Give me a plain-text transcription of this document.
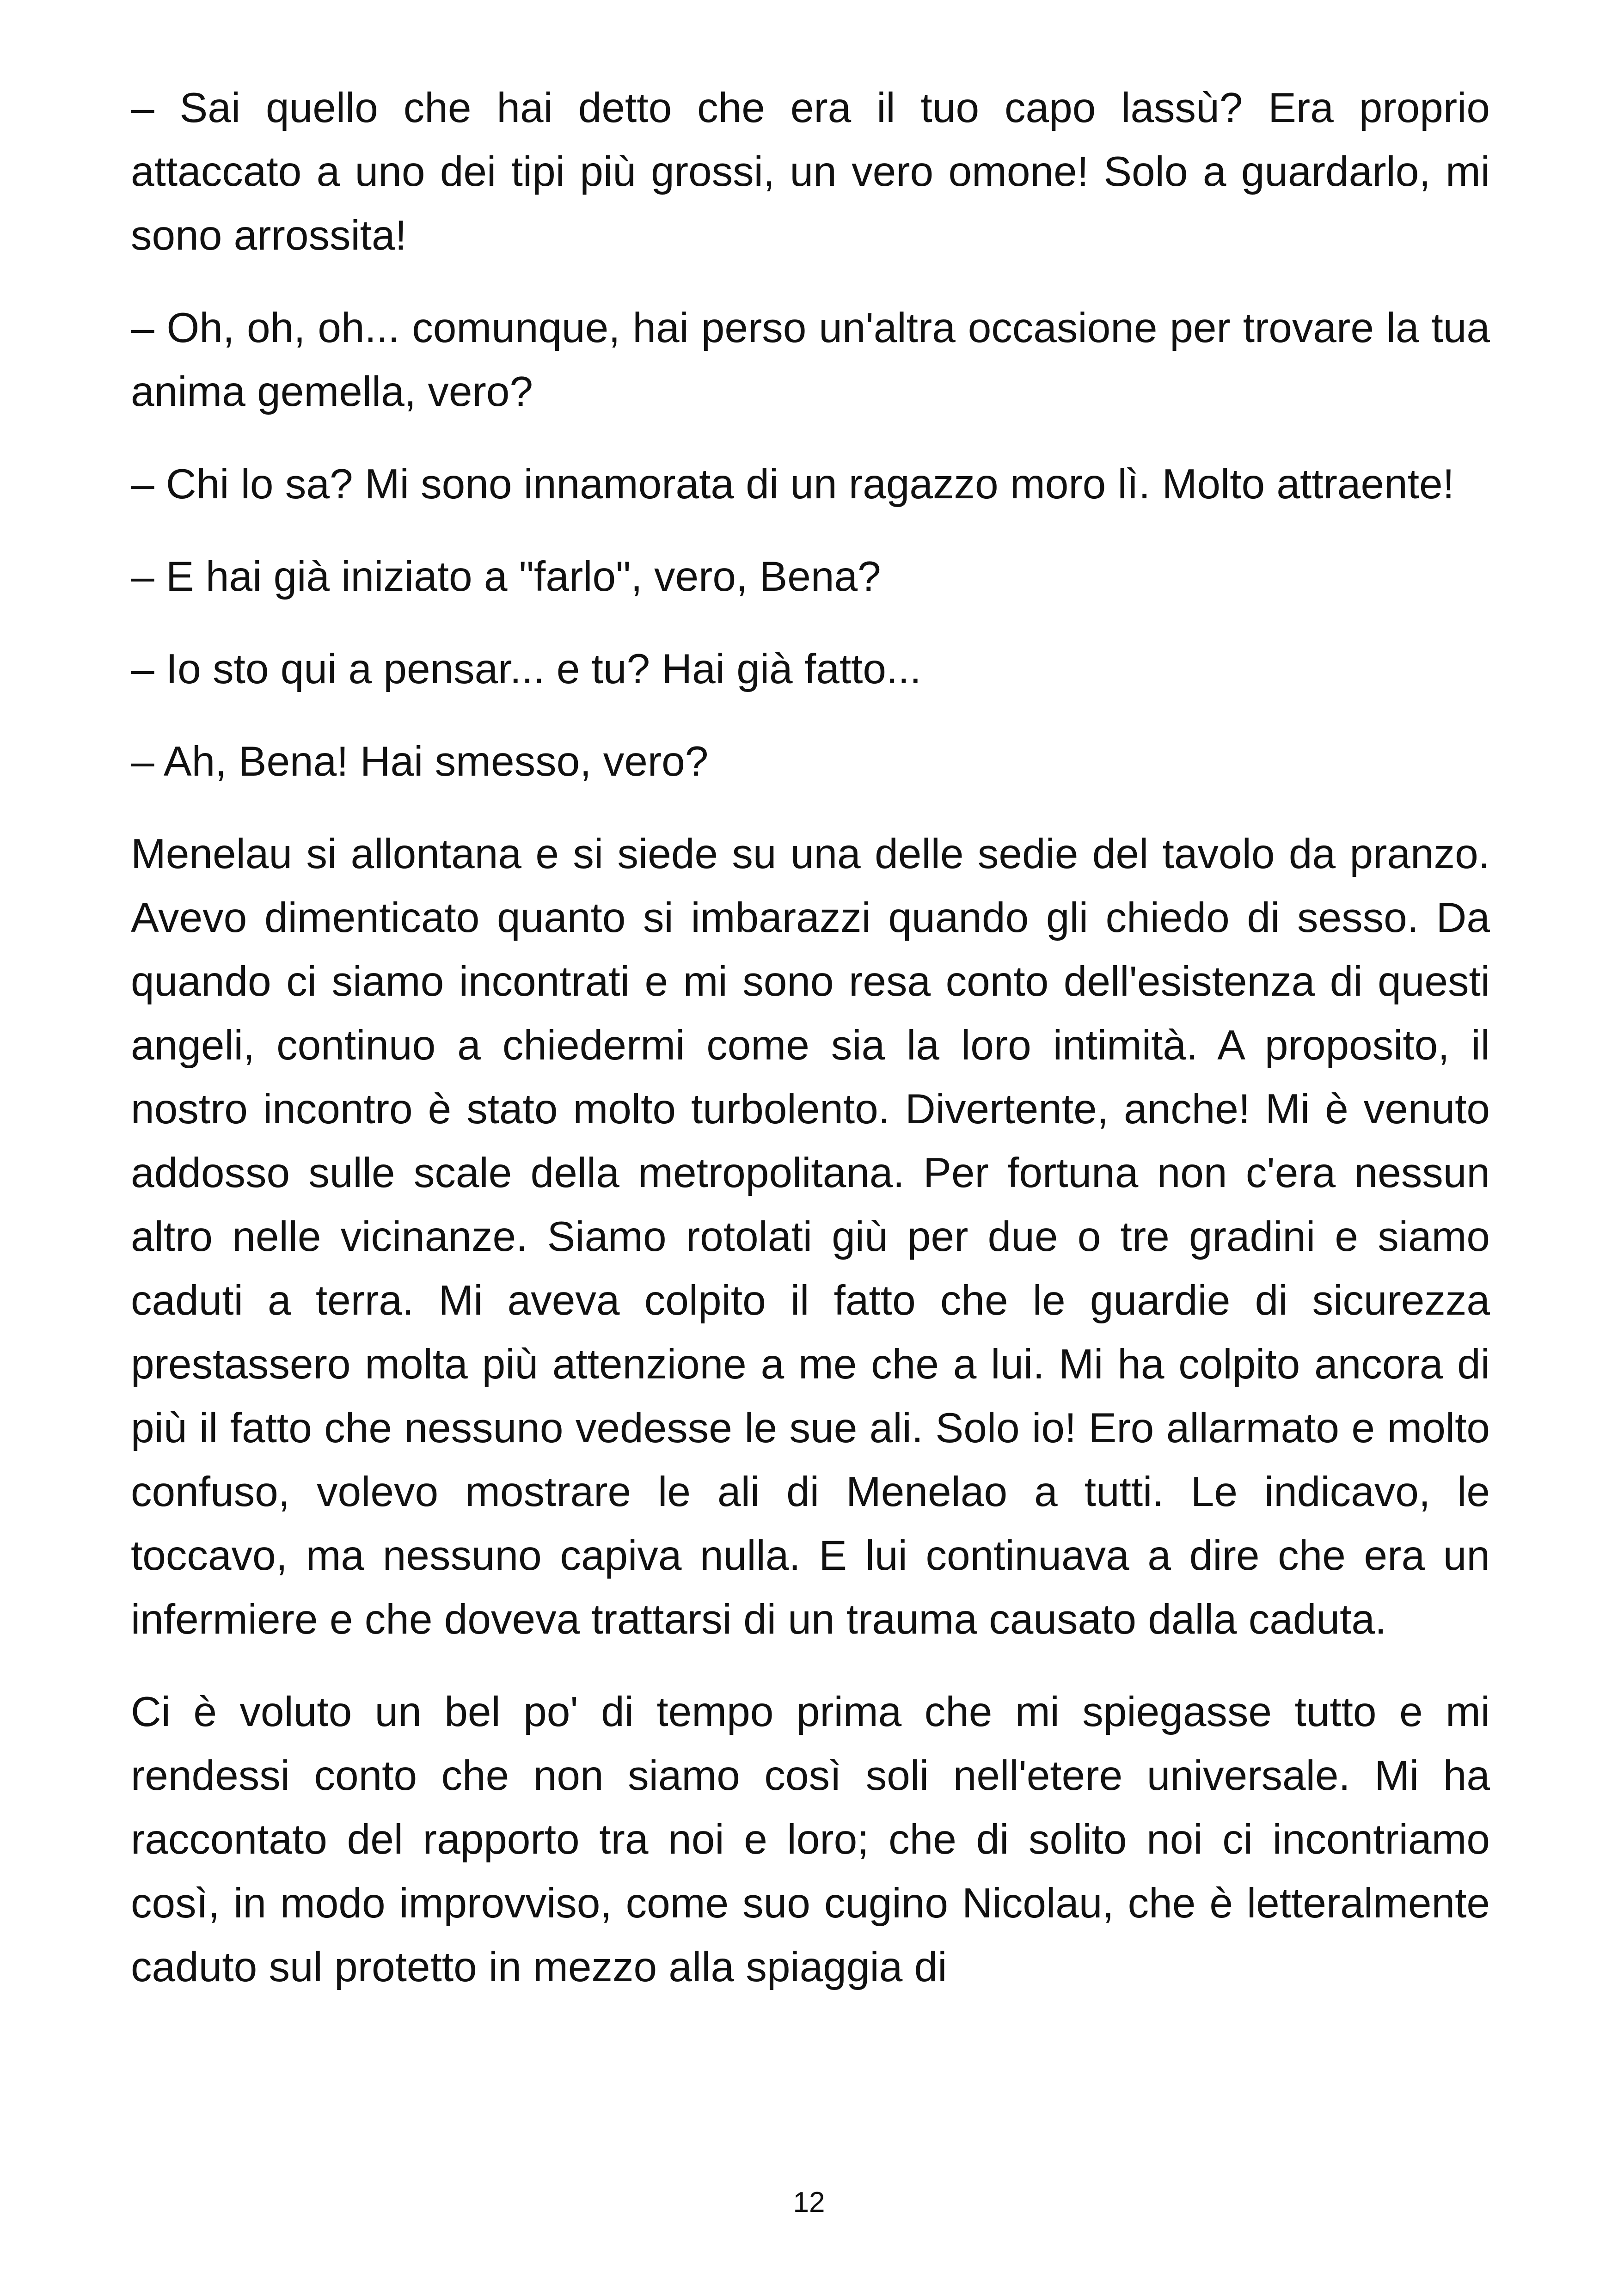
– Sai quello che hai detto che era il tuo capo lassù? Era proprio attaccato a uno dei tipi più grossi, un vero omone! Solo a guardarlo, mi sono arrossita!

– Oh, oh, oh... comunque, hai perso un'altra occasione per trovare la tua anima gemella, vero?

– Chi lo sa? Mi sono innamorata di un ragazzo moro lì. Molto attraente!

– E hai già iniziato a "farlo", vero, Bena?

– Io sto qui a pensar... e tu? Hai già fatto...

– Ah, Bena! Hai smesso, vero?

Menelau si allontana e si siede su una delle sedie del tavolo da pranzo. Avevo dimenticato quanto si imbarazzi quando gli chiedo di sesso. Da quando ci siamo incontrati e mi sono resa conto dell'esistenza di questi angeli, continuo a chiedermi come sia la loro intimità. A proposito, il nostro incontro è stato molto turbolento. Divertente, anche! Mi è venuto addosso sulle scale della metropolitana. Per fortuna non c'era nessun altro nelle vicinanze. Siamo rotolati giù per due o tre gradini e siamo caduti a terra. Mi aveva colpito il fatto che le guardie di sicurezza prestassero molta più attenzione a me che a lui. Mi ha colpito ancora di più il fatto che nessuno vedesse le sue ali. Solo io! Ero allarmato e molto confuso, volevo mostrare le ali di Menelao a tutti. Le indicavo, le toccavo, ma nessuno capiva nulla. E lui continuava a dire che era un infermiere e che doveva trattarsi di un trauma causato dalla caduta.

Ci è voluto un bel po' di tempo prima che mi spiegasse tutto e mi rendessi conto che non siamo così soli nell'etere universale. Mi ha raccontato del rapporto tra noi e loro; che di solito noi ci incontriamo così, in modo improvviso, come suo cugino Nicolau, che è letteralmente caduto sul protetto in mezzo alla spiaggia di

12
